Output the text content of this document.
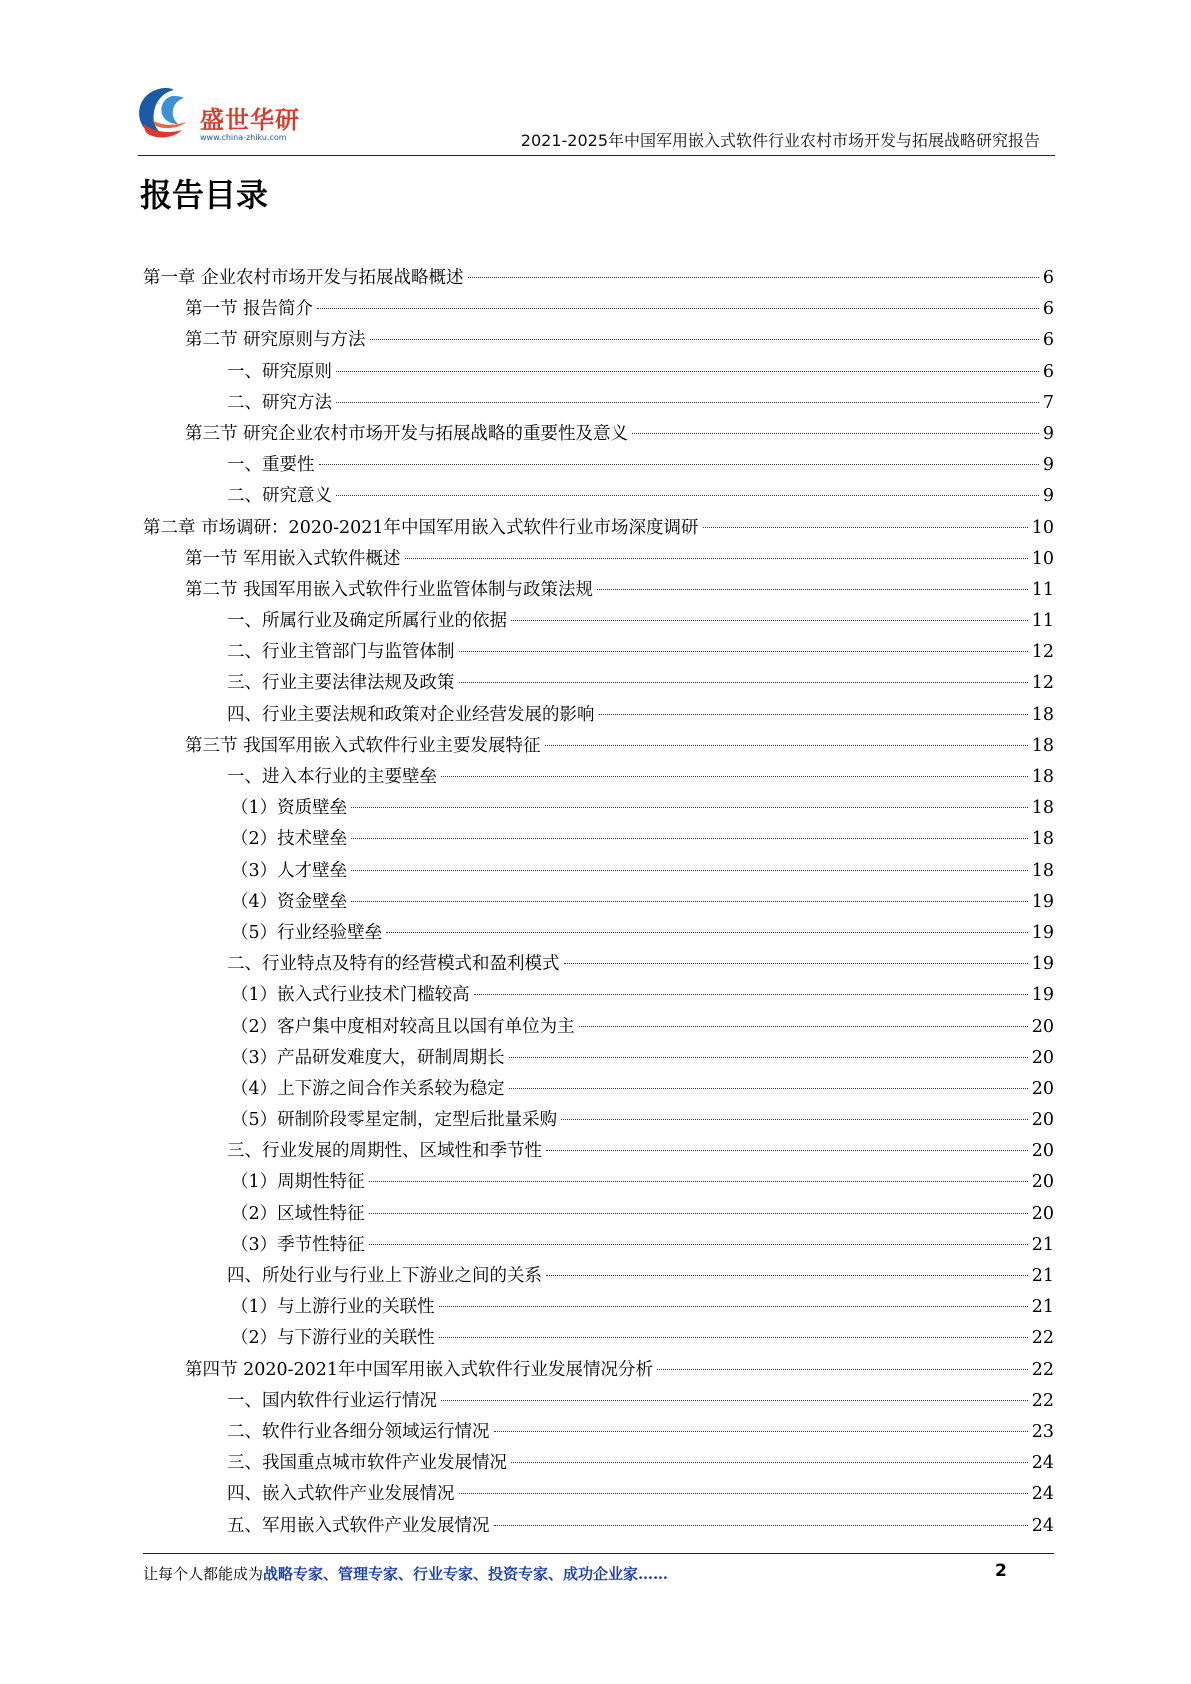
盛世华研
www.china-zhiku.com	2021-2025年中国军用嵌入式软件行业农村市场开发与拓展战略研究报告
报告目录
第一章 企业农村市场开发与拓展战略概述	6
第一节 报告简介	6
第二节 研究原则与方法	6
一、研究原则	6
二、研究方法	7
第三节 研究企业农村市场开发与拓展战略的重要性及意义	9
一、重要性	9
二、研究意义	9
第二章 市场调研：2020-2021年中国军用嵌入式软件行业市场深度调研	10
第一节 军用嵌入式软件概述	10
第二节 我国军用嵌入式软件行业监管体制与政策法规	11
一、所属行业及确定所属行业的依据	11
二、行业主管部门与监管体制	12
三、行业主要法律法规及政策	12
四、行业主要法规和政策对企业经营发展的影响	18
第三节 我国军用嵌入式软件行业主要发展特征	18
一、进入本行业的主要壁垒	18
（1）资质壁垒	18
（2）技术壁垒	18
（3）人才壁垒	18
（4）资金壁垒	19
（5）行业经验壁垒	19
二、行业特点及特有的经营模式和盈利模式	19
（1）嵌入式行业技术门槛较高	19
（2）客户集中度相对较高且以国有单位为主	20
（3）产品研发难度大，研制周期长	20
（4）上下游之间合作关系较为稳定	20
（5）研制阶段零星定制，定型后批量采购	20
三、行业发展的周期性、区域性和季节性	20
（1）周期性特征	20
（2）区域性特征	20
（3）季节性特征	21
四、所处行业与行业上下游业之间的关系	21
（1）与上游行业的关联性	21
（2）与下游行业的关联性	22
第四节 2020-2021年中国军用嵌入式软件行业发展情况分析	22
一、国内软件行业运行情况	22
二、软件行业各细分领域运行情况	23
三、我国重点城市软件产业发展情况	24
四、嵌入式软件产业发展情况	24
五、军用嵌入式软件产业发展情况	24
让每个人都能成为战略专家、管理专家、行业专家、投资专家、成功企业家……	2
